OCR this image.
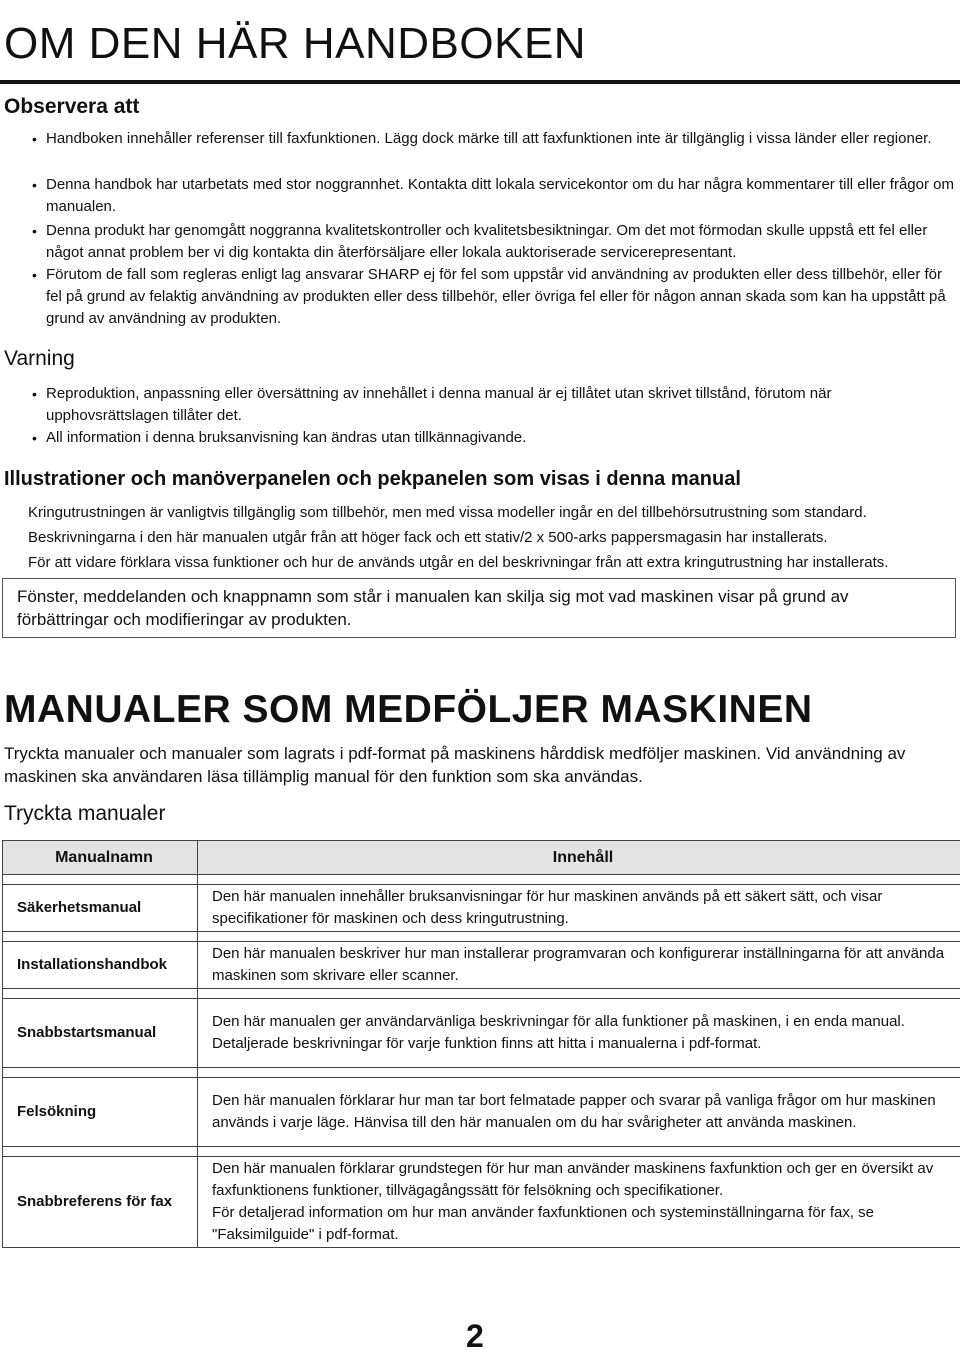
OM DEN HÄR HANDBOKEN
Observera att
• Handboken innehåller referenser till faxfunktionen. Lägg dock märke till att faxfunktionen inte är tillgänglig i vissa länder eller regioner.
• Denna handbok har utarbetats med stor noggrannhet. Kontakta ditt lokala servicekontor om du har några kommentarer till eller frågor om manualen.
• Denna produkt har genomgått noggranna kvalitetskontroller och kvalitetsbesiktningar. Om det mot förmodan skulle uppstå ett fel eller något annat problem ber vi dig kontakta din återförsäljare eller lokala auktoriserade servicerepresentant.
• Förutom de fall som regleras enligt lag ansvarar SHARP ej för fel som uppstår vid användning av produkten eller dess tillbehör, eller för fel på grund av felaktig användning av produkten eller dess tillbehör, eller övriga fel eller för någon annan skada som kan ha uppstått på grund av användning av produkten.
Varning
• Reproduktion, anpassning eller översättning av innehållet i denna manual är ej tillåtet utan skrivet tillstånd, förutom när upphovsrättslagen tillåter det.
• All information i denna bruksanvisning kan ändras utan tillkännagivande.
Illustrationer och manöverpanelen och pekpanelen som visas i denna manual
Kringutrustningen är vanligtvis tillgänglig som tillbehör, men med vissa modeller ingår en del tillbehörsutrustning som standard.
Beskrivningarna i den här manualen utgår från att höger fack och ett stativ/2 x 500-arks pappersmagasin har installerats.
För att vidare förklara vissa funktioner och hur de används utgår en del beskrivningar från att extra kringutrustning har installerats.
Fönster, meddelanden och knappnamn som står i manualen kan skilja sig mot vad maskinen visar på grund av förbättringar och modifieringar av produkten.
MANUALER SOM MEDFÖLJER MASKINEN
Tryckta manualer och manualer som lagrats i pdf-format på maskinens hårddisk medföljer maskinen. Vid användning av maskinen ska användaren läsa tillämplig manual för den funktion som ska användas.
Tryckta manualer
Manualnamn	Innehåll

Säkerhetsmanual	Den här manualen innehåller bruksanvisningar för hur maskinen används på ett säkert sätt, och visar specifikationer för maskinen och dess kringutrustning.

Installationshandbok	Den här manualen beskriver hur man installerar programvaran och konfigurerar inställningarna för att använda maskinen som skrivare eller scanner.

Snabbstartsmanual	Den här manualen ger användarvänliga beskrivningar för alla funktioner på maskinen, i en enda manual.
Detaljerade beskrivningar för varje funktion finns att hitta i manualerna i pdf-format.

Felsökning	Den här manualen förklarar hur man tar bort felmatade papper och svarar på vanliga frågor om hur maskinen används i varje läge. Hänvisa till den här manualen om du har svårigheter att använda maskinen.

Snabbreferens för fax	Den här manualen förklarar grundstegen för hur man använder maskinens faxfunktion och ger en översikt av faxfunktionens funktioner, tillvägagångssätt för felsökning och specifikationer.
För detaljerad information om hur man använder faxfunktionen och systeminställningarna för fax, se "Faksimilguide" i pdf-format.
2
